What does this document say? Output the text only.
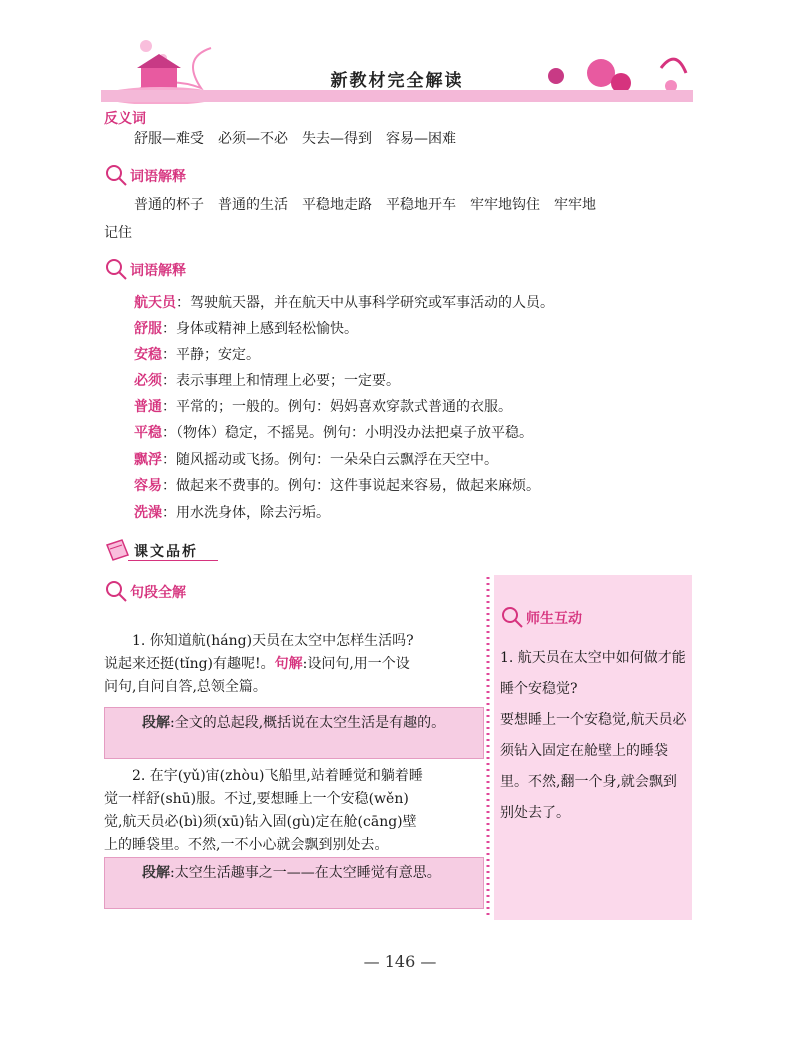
新教材完全解读
反义词
舒服—难受　必须—不必　失去—得到　容易—困难
词语解释
普通的杯子　普通的生活　平稳地走路　平稳地开车　牢牢地钩住　牢牢地
记住
词语解释
航天员：驾驶航天器，并在航天中从事科学研究或军事活动的人员。
舒服：身体或精神上感到轻松愉快。
安稳：平静；安定。
必须：表示事理上和情理上必要；一定要。
普通：平常的；一般的。例句：妈妈喜欢穿款式普通的衣服。
平稳：（物体）稳定，不摇晃。例句：小明没办法把桌子放平稳。
飘浮：随风摇动或飞扬。例句：一朵朵白云飘浮在天空中。
容易：做起来不费事的。例句：这件事说起来容易，做起来麻烦。
洗澡：用水洗身体，除去污垢。
课文品析
句段全解
1. 你知道航(háng)天员在太空中怎样生活吗?
说起来还挺(tǐng)有趣呢!。句解:设问句,用一个设
问句,自问自答,总领全篇。
段解:全文的总起段,概括说在太空生活是有趣的。
2. 在宇(yǔ)宙(zhòu)飞船里,站着睡觉和躺着睡
觉一样舒(shū)服。不过,要想睡上一个安稳(wěn)
觉,航天员必(bì)须(xū)钻入固(gù)定在舱(cāng)壁
上的睡袋里。不然,一不小心就会飘到别处去。
段解:太空生活趣事之一——在太空睡觉有意思。
师生互动
1. 航天员在太空中如何做才能睡个安稳觉?
要想睡上一个安稳觉,航天员必须钻入固定在舱壁上的睡袋里。不然,翻一个身,就会飘到别处去了。
— 146 —
